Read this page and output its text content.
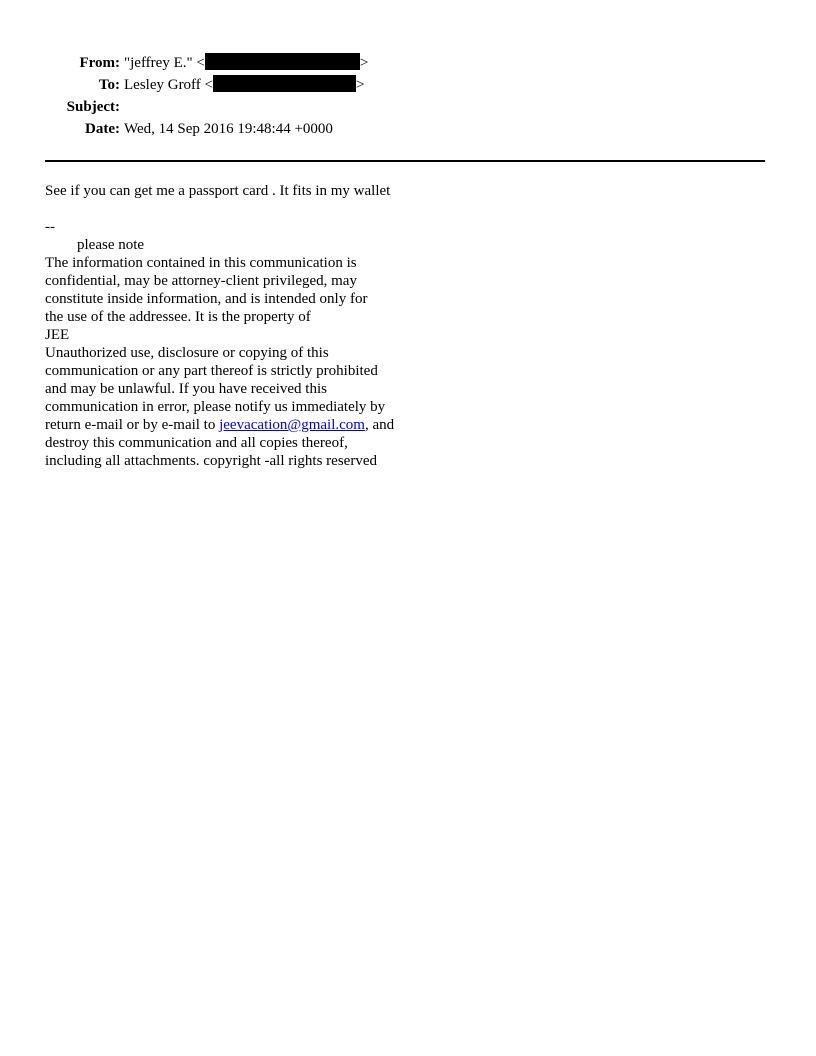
From: "jeffrey E." <	>
To: Lesley Groff <	>
Subject:
Date: Wed, 14 Sep 2016 19:48:44 +0000
See if you can get me a passport card . It fits in my wallet
--
please note
The information contained in this communication is
confidential, may be attorney-client privileged, may
constitute inside information, and is intended only for
the use of the addressee. It is the property of
JEE
Unauthorized use, disclosure or copying of this
communication or any part thereof is strictly prohibited
and may be unlawful. If you have received this
communication in error, please notify us immediately by
return e-mail or by e-mail to jeevacation@gmail.com, and
destroy this communication and all copies thereof,
including all attachments. copyright -all rights reserved
